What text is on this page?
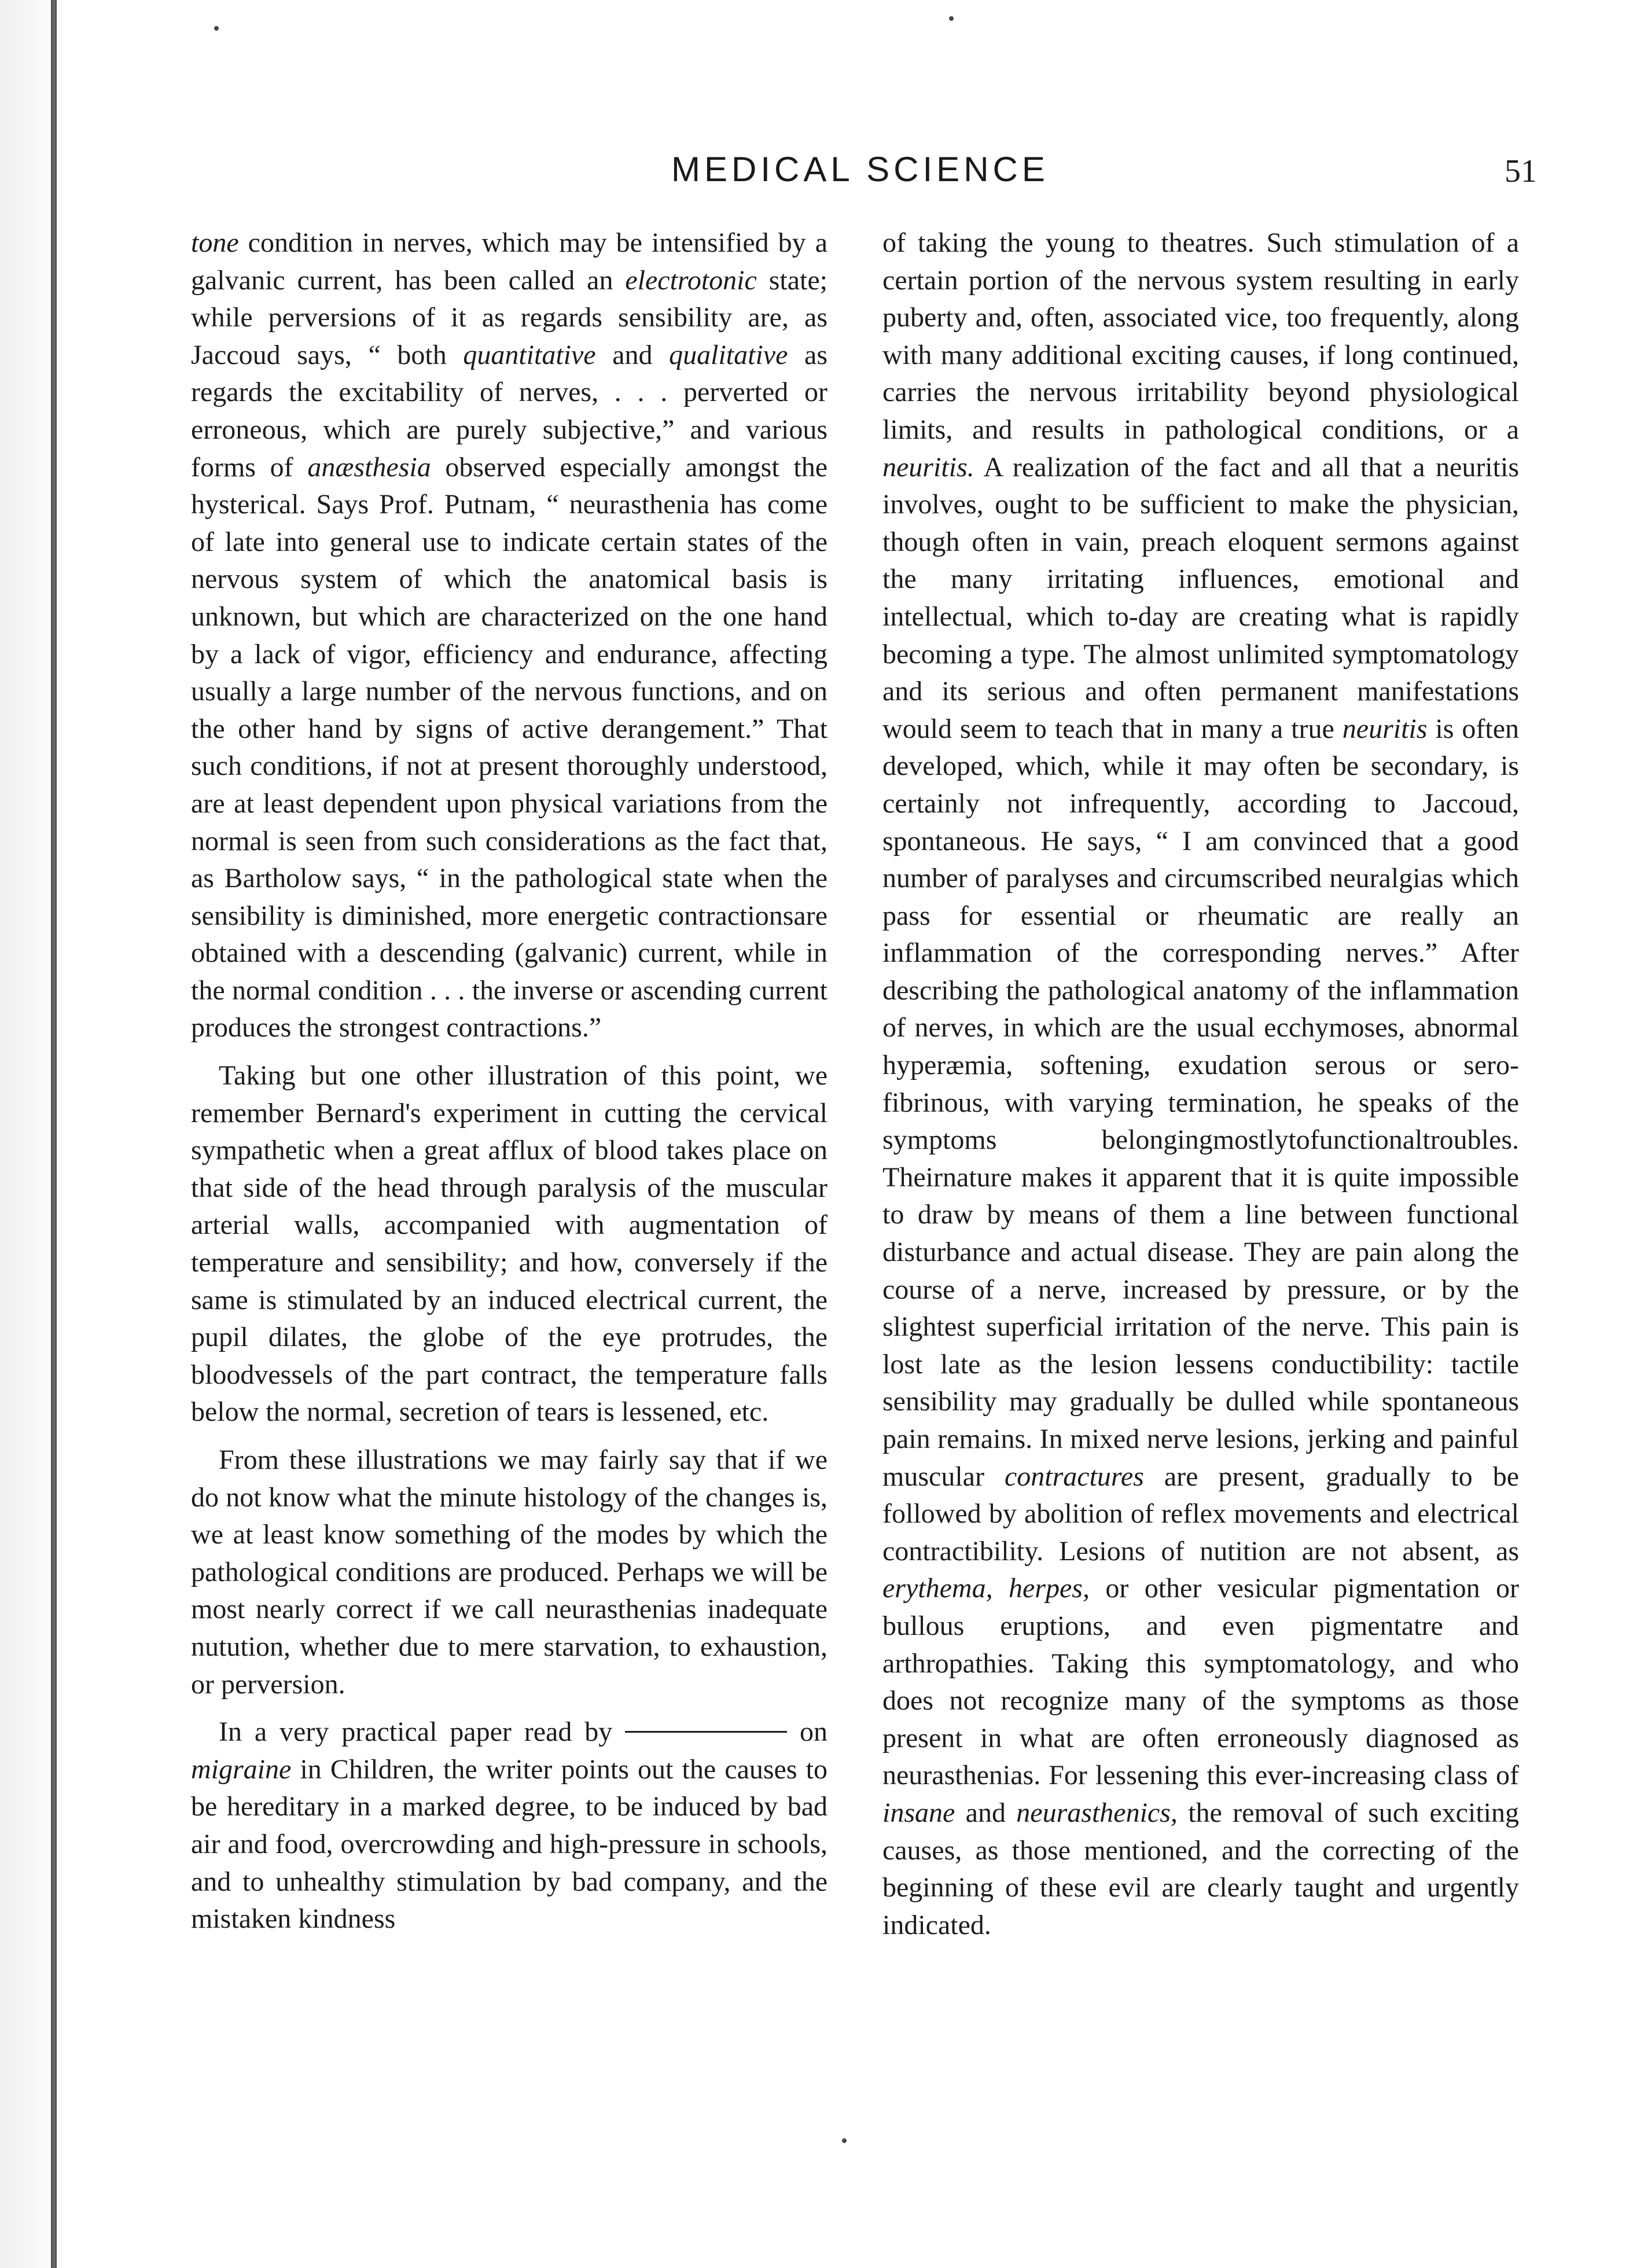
MEDICAL SCIENCE	51

tone condition in nerves, which may be intensified by a galvanic current, has been called an electrotonic state; while perversions of it as regards sensibility are, as Jaccoud says, “ both quantitative and qualitative as regards the excitability of nerves, . . . perverted or erroneous, which are purely subjective,” and various forms of anæsthesia observed especially amongst the hysterical. Says Prof. Putnam, “ neurasthenia has come of late into general use to indicate certain states of the nervous system of which the anatomical basis is unknown, but which are characterized on the one hand by a lack of vigor, efficiency and endurance, affecting usually a large number of the nervous functions, and on the other hand by signs of active derangement.” That such conditions, if not at present thoroughly understood, are at least dependent upon physical variations from the normal is seen from such considerations as the fact that, as Bartholow says, “ in the pathological state when the sensibility is diminished, more energetic contractionsare obtained with a descending (galvanic) current, while in the normal condition . . . the inverse or ascending current produces the strongest contractions.”

Taking but one other illustration of this point, we remember Bernard's experiment in cutting the cervical sympathetic when a great afflux of blood takes place on that side of the head through paralysis of the muscular arterial walls, accompanied with augmentation of temperature and sensibility; and how, conversely if the same is stimulated by an induced electrical current, the pupil dilates, the globe of the eye protrudes, the bloodvessels of the part contract, the temperature falls below the normal, secretion of tears is lessened, etc.

From these illustrations we may fairly say that if we do not know what the minute histology of the changes is, we at least know something of the modes by which the pathological conditions are produced. Perhaps we will be most nearly correct if we call neurasthenias inadequate nutution, whether due to mere starvation, to exhaustion, or perversion.

In a very practical paper read by	on migraine in Children, the writer points out the causes to be hereditary in a marked degree, to be induced by bad air and food, overcrowding and high-pressure in schools, and to unhealthy stimulation by bad company, and the mistaken kindness

of taking the young to theatres. Such stimulation of a certain portion of the nervous system resulting in early puberty and, often, associated vice, too frequently, along with many additional exciting causes, if long continued, carries the nervous irritability beyond physiological limits, and results in pathological conditions, or a neuritis. A realization of the fact and all that a neuritis involves, ought to be sufficient to make the physician, though often in vain, preach eloquent sermons against the many irritating influences, emotional and intellectual, which to-day are creating what is rapidly becoming a type. The almost unlimited symptomatology and its serious and often permanent manifestations would seem to teach that in many a true neuritis is often developed, which, while it may often be secondary, is certainly not infrequently, according to Jaccoud, spontaneous. He says, “ I am convinced that a good number of paralyses and circumscribed neuralgias which pass for essential or rheumatic are really an inflammation of the corresponding nerves.” After describing the pathological anatomy of the inflammation of nerves, in which are the usual ecchymoses, abnormal hyperæmia, softening, exudation serous or sero-fibrinous, with varying termination, he speaks of the symptoms belongingmostlytofunctionaltroubles. Theirnature makes it apparent that it is quite impossible to draw by means of them a line between functional disturbance and actual disease. They are pain along the course of a nerve, increased by pressure, or by the slightest superficial irritation of the nerve. This pain is lost late as the lesion lessens conductibility: tactile sensibility may gradually be dulled while spontaneous pain remains. In mixed nerve lesions, jerking and painful muscular contractures are present, gradually to be followed by abolition of reflex movements and electrical contractibility. Lesions of nutition are not absent, as erythema, herpes, or other vesicular pigmentation or bullous eruptions, and even pigmentatre and arthropathies. Taking this symptomatology, and who does not recognize many of the symptoms as those present in what are often erroneously diagnosed as neurasthenias. For lessening this ever-increasing class of insane and neurasthenics, the removal of such exciting causes, as those mentioned, and the correcting of the beginning of these evil are clearly taught and urgently indicated.
